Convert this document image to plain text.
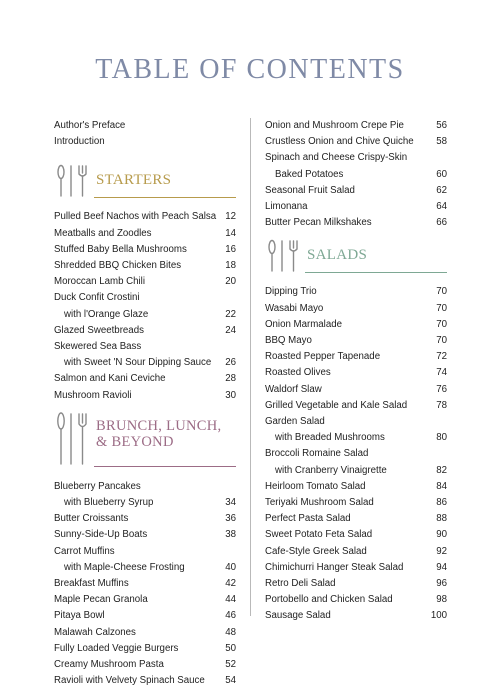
TABLE OF CONTENTS
Author's Preface
Introduction
STARTERS
Pulled Beef Nachos with Peach Salsa 12
Meatballs and Zoodles	14
Stuffed Baby Bella Mushrooms	16
Shredded BBQ Chicken Bites	18
Moroccan Lamb Chili	20
Duck Confit Crostini
with l'Orange Glaze	22
Glazed Sweetbreads	24
Skewered Sea Bass
with Sweet 'N Sour Dipping Sauce	26
Salmon and Kani Ceviche	28
Mushroom Ravioli	30
BRUNCH, LUNCH,
& BEYOND
Blueberry Pancakes
with Blueberry Syrup	34
Butter Croissants	36
Sunny-Side-Up Boats	38
Carrot Muffins
with Maple-Cheese Frosting	40
Breakfast Muffins	42
Maple Pecan Granola	44
Pitaya Bowl	46
Malawah Calzones	48
Fully Loaded Veggie Burgers	50
Creamy Mushroom Pasta	52
Ravioli with Velvety Spinach Sauce	54
Onion and Mushroom Crepe Pie	56
Crustless Onion and Chive Quiche	58
Spinach and Cheese Crispy-Skin
Baked Potatoes	60
Seasonal Fruit Salad	62
Limonana	64
Butter Pecan Milkshakes	66
SALADS
Dipping Trio	70
Wasabi Mayo	70
Onion Marmalade	70
BBQ Mayo	70
Roasted Pepper Tapenade	72
Roasted Olives	74
Waldorf Slaw	76
Grilled Vegetable and Kale Salad	78
Garden Salad
with Breaded Mushrooms	80
Broccoli Romaine Salad
with Cranberry Vinaigrette	82
Heirloom Tomato Salad	84
Teriyaki Mushroom Salad	86
Perfect Pasta Salad	88
Sweet Potato Feta Salad	90
Cafe-Style Greek Salad	92
Chimichurri Hanger Steak Salad	94
Retro Deli Salad	96
Portobello and Chicken Salad	98
Sausage Salad	100
